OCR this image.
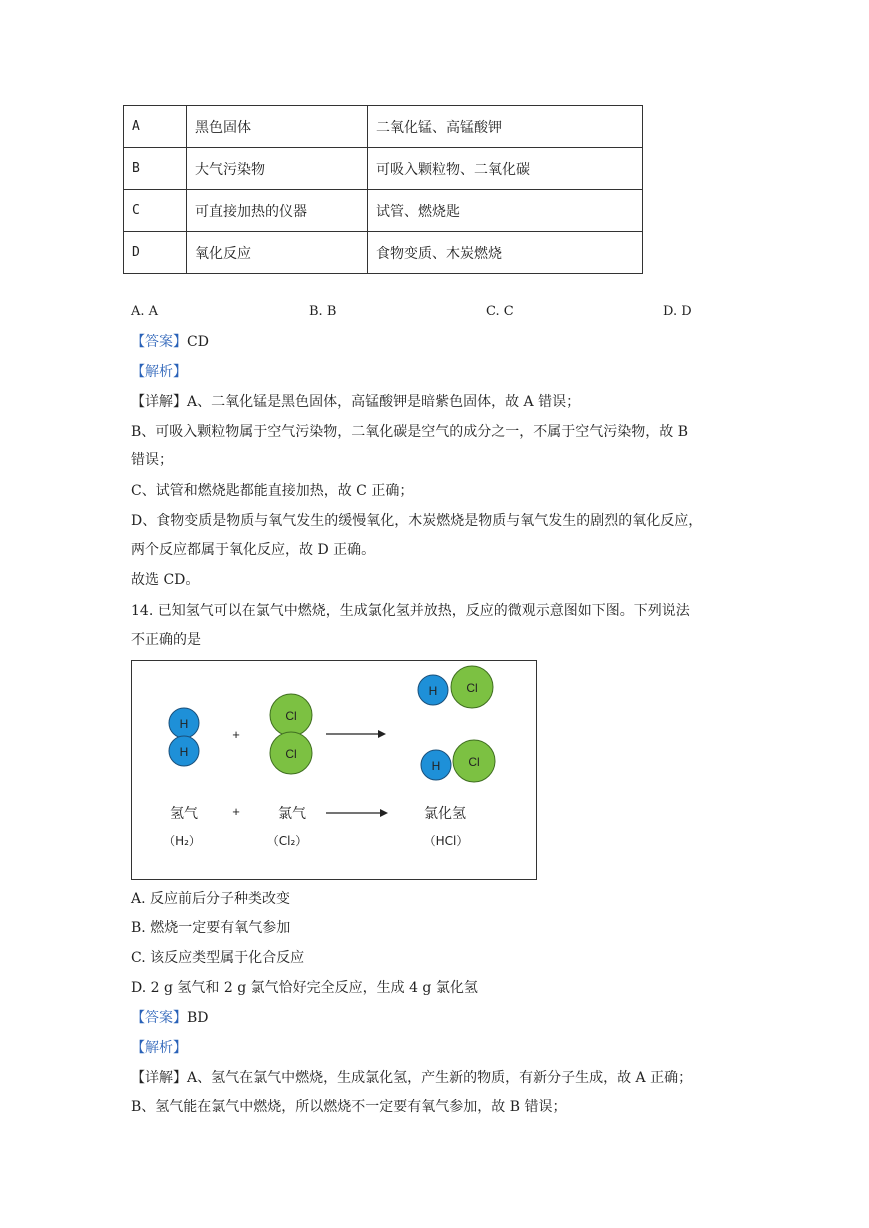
A	黑色固体	二氧化锰、高锰酸钾
B	大气污染物	可吸入颗粒物、二氧化碳
C	可直接加热的仪器	试管、燃烧匙
D	氧化反应	食物变质、木炭燃烧
A. A	B. B	C. C	D. D
【答案】CD
【解析】
【详解】A、二氧化锰是黑色固体，高锰酸钾是暗紫色固体，故 A 错误；
B、可吸入颗粒物属于空气污染物，二氧化碳是空气的成分之一，不属于空气污染物，故 B
错误；
C、试管和燃烧匙都能直接加热，故 C 正确；
D、食物变质是物质与氧气发生的缓慢氧化，木炭燃烧是物质与氧气发生的剧烈的氧化反应，
两个反应都属于氧化反应，故 D 正确。
故选 CD。
14. 已知氢气可以在氯气中燃烧，生成氯化氢并放热，反应的微观示意图如下图。下列说法
不正确的是
H
H
+
Cl
Cl
H Cl
H Cl
氢气	+	氯气	氯化氢
（H₂）	（Cl₂）	（HCl）
A. 反应前后分子种类改变
B. 燃烧一定要有氧气参加
C. 该反应类型属于化合反应
D. 2 g 氢气和 2 g 氯气恰好完全反应，生成 4 g 氯化氢
【答案】BD
【解析】
【详解】A、氢气在氯气中燃烧，生成氯化氢，产生新的物质，有新分子生成，故 A 正确；
B、氢气能在氯气中燃烧，所以燃烧不一定要有氧气参加，故 B 错误；
